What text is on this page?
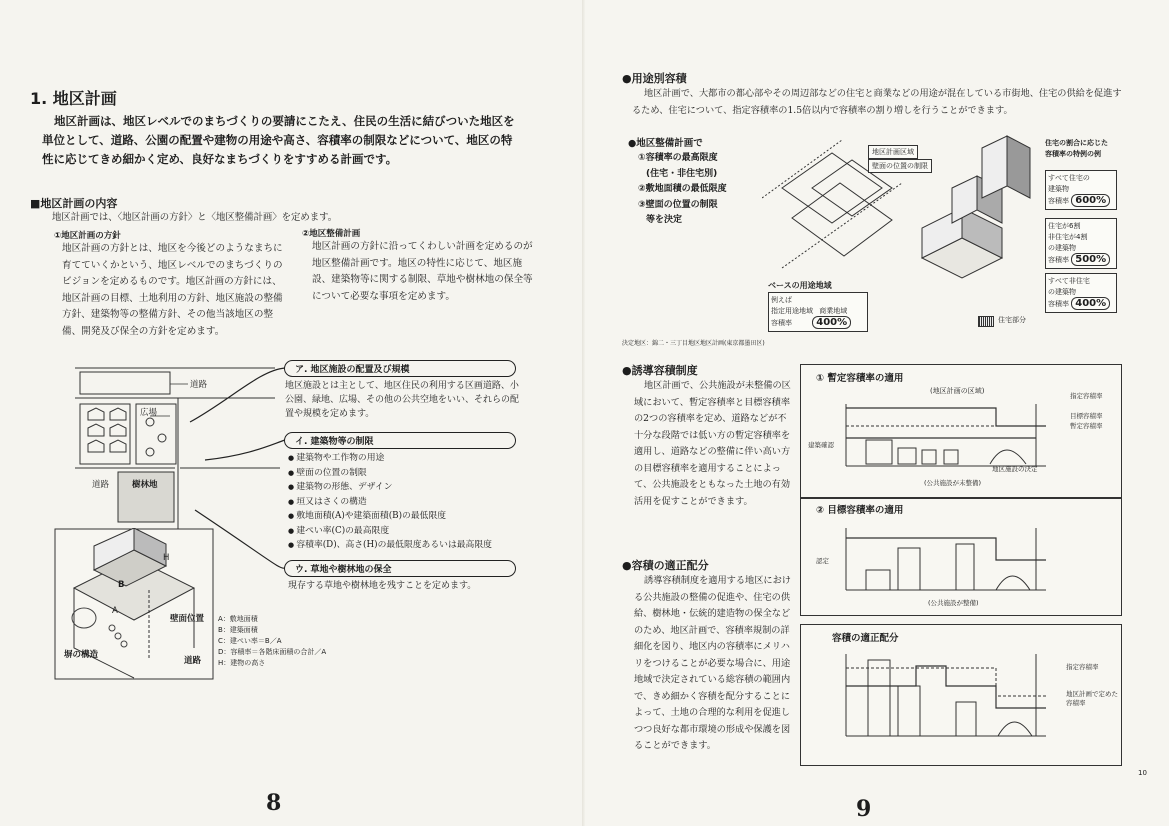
1. 地区計画
地区計画は、地区レベルでのまちづくりの要請にこたえ、住民の生活に結びついた地区を単位として、道路、公園の配置や建物の用途や高さ、容積率の制限などについて、地区の特性に応じてきめ細かく定め、良好なまちづくりをすすめる計画です。
■地区計画の内容
地区計画では、〈地区計画の方針〉と〈地区整備計画〉を定めます。
①地区計画の方針
地区計画の方針とは、地区を今後どのようなまちに育てていくかという、地区レベルでのまちづくりのビジョンを定めるものです。地区計画の方針には、地区計画の目標、土地利用の方針、地区施設の整備方針、建築物等の整備方針、その他当該地区の整備、開発及び保全の方針を定めます。
②地区整備計画
地区計画の方針に沿ってくわしい計画を定めるのが地区整備計画です。地区の特性に応じて、地区施設、建築物等に関する制限、草地や樹林地の保全等について必要な事項を定めます。
道路
広場
道路	樹林地
ア. 地区施設の配置及び規模
地区施設とは主として、地区住民の利用する区画道路、小公園、緑地、広場、その他の公共空地をいい、それらの配置や規模を定めます。
イ. 建築物等の制限
● 建築物や工作物の用途
● 壁面の位置の制限
● 建築物の形態、デザイン
● 垣又はさくの構造
● 敷地面積(A)や建築面積(B)の最低限度
● 建ぺい率(C)の最高限度
● 容積率(D)、高さ(H)の最低限度あるいは最高限度
ウ. 草地や樹林地の保全
現存する草地や樹林地を残すことを定めます。
H
B
A
壁面位置
塀の構造
道路
A：敷地面積
B：建築面積
C：建ぺい率＝B／A
D：容積率＝各階床面積の合計／A
H：建物の高さ
8
●用途別容積
地区計画で、大都市の都心部やその周辺部などの住宅と商業などの用途が混在している市街地、住宅の供給を促進するため、住宅について、指定容積率の1.5倍以内で容積率の割り増しを行うことができます。
●地区整備計画で
①容積率の最高限度
(住宅・非住宅別)
②敷地面積の最低限度
③壁面の位置の制限
等を決定
地区計画区域
壁面の位置の制限
住宅の割合に応じた
容積率の特例の例
すべて住宅の
建築物
容積率 600%
住宅が6割
非住宅が4割
の建築物
容積率 500%
すべて非住宅
の建築物
容積率 400%
ベースの用途地域
例えば
指定用途地域 商業地域
容積率 400%	住宅部分
決定地区：錦二・三丁目地区地区計画(東京都墨田区)
●誘導容積制度
地区計画で、公共施設が未整備の区域において、暫定容積率と目標容積率の2つの容積率を定め、道路などが不十分な段階では低い方の暫定容積率を適用し、道路などの整備に伴い高い方の目標容積率を適用することによって、公共施設をともなった土地の有効活用を促すことができます。
●容積の適正配分
誘導容積制度を適用する地区における公共施設の整備の促進や、住宅の供給、樹林地・伝統的建造物の保全などのため、地区計画で、容積率規制の詳細化を図り、地区内の容積率にメリハリをつけることが必要な場合に、用途地域で決定されている総容積の範囲内で、きめ細かく容積を配分することによって、土地の合理的な利用を促進しつつ良好な都市環境の形成や保護を図ることができます。
① 暫定容積率の適用
(地区計画の区域)
指定容積率
目標容積率
暫定容積率
建築確認
地区施設の決定
(公共施設が未整備)
② 目標容積率の適用
認定
(公共施設が整備)
容積の適正配分
指定容積率
地区計画で定めた容積率
9
10
